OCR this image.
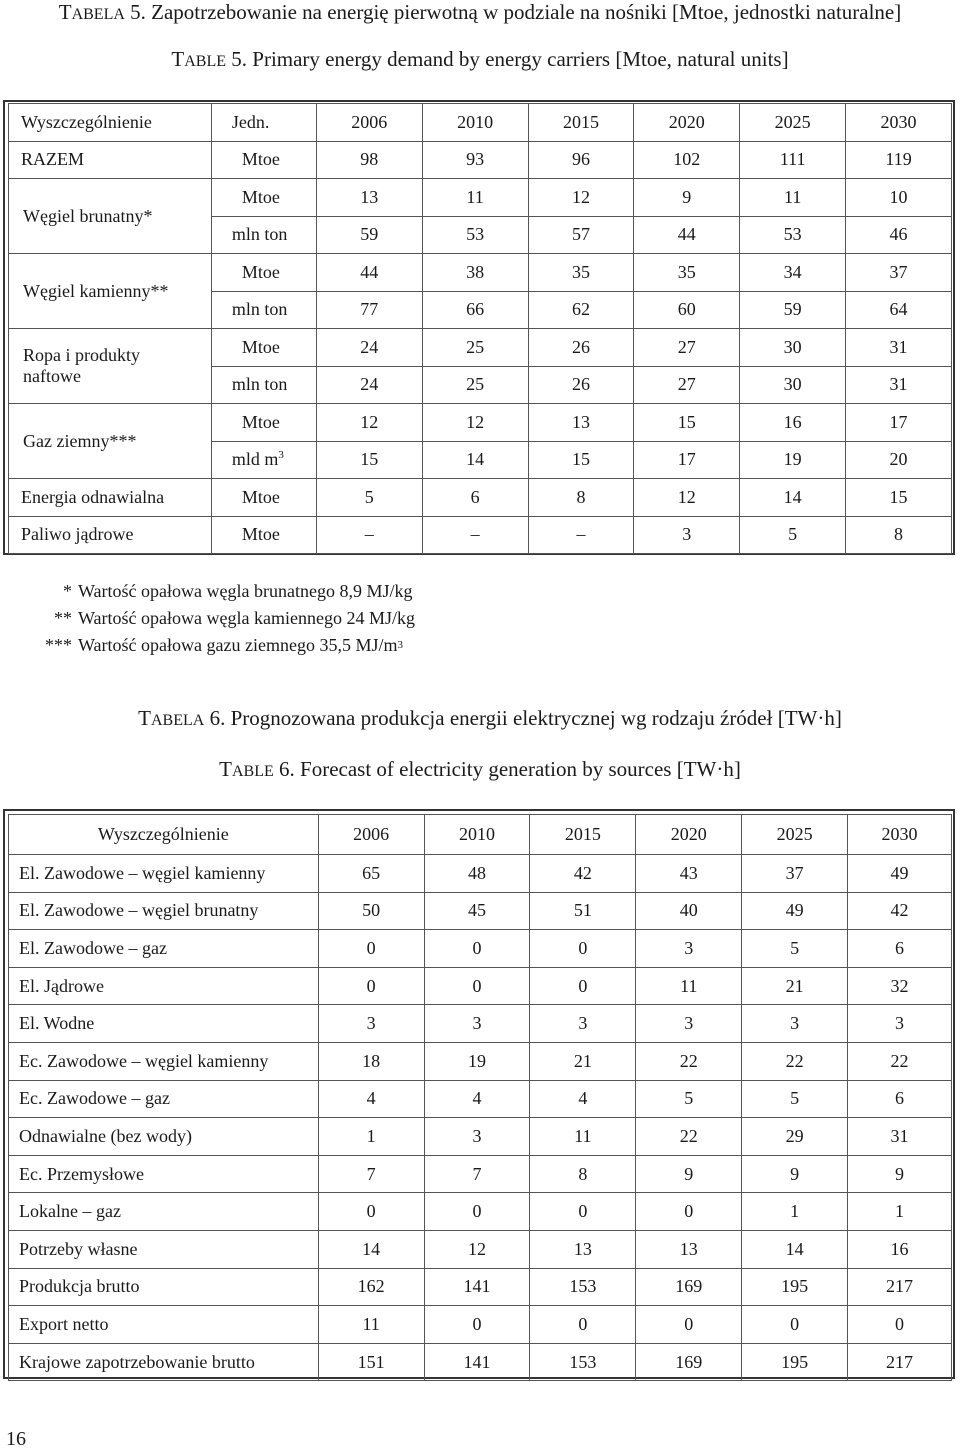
TABELA 5. Zapotrzebowanie na energię pierwotną w podziale na nośniki [Mtoe, jednostki naturalne]
TABLE 5. Primary energy demand by energy carriers [Mtoe, natural units]
Wyszczególnienie	Jedn.	2006	2010	2015	2020	2025	2030
RAZEM	Mtoe	98	93	96	102	111	119

Węgiel brunatny*	Mtoe	13	11	12	9	11	10
	mln ton	59	53	57	44	53	46

Węgiel kamienny**	Mtoe	44	38	35	35	34	37
	mln ton	77	66	62	60	59	64

Ropa i produkty
naftowe	Mtoe	24	25	26	27	30	31
	mln ton	24	25	26	27	30	31

Gaz ziemny***	Mtoe	12	12	13	15	16	17
	mld $m^3$	15	14	15	17	19	20
Energia odnawialna	Mtoe	5	6	8	12	14	15
Paliwo jądrowe	Mtoe	–	–	–	3	5	8
* Wartość opałowa węgla brunatnego 8,9 MJ/kg
** Wartość opałowa węgla kamiennego 24 MJ/kg
*** Wartość opałowa gazu ziemnego 35,5 MJ/m 3
TABELA 6. Prognozowana produkcja energii elektrycznej wg rodzaju źródeł [TW·h]
TABLE 6. Forecast of electricity generation by sources [TW·h]
Wyszczególnienie	2006	2010	2015	2020	2025	2030
El. Zawodowe – węgiel kamienny	65	48	42	43	37	49
El. Zawodowe – węgiel brunatny	50	45	51	40	49	42
El. Zawodowe – gaz	0	0	0	3	5	6
El. Jądrowe	0	0	0	11	21	32
El. Wodne	3	3	3	3	3	3
Ec. Zawodowe – węgiel kamienny	18	19	21	22	22	22
Ec. Zawodowe – gaz	4	4	4	5	5	6
Odnawialne (bez wody)	1	3	11	22	29	31
Ec. Przemysłowe	7	7	8	9	9	9
Lokalne – gaz	0	0	0	0	1	1
Potrzeby własne	14	12	13	13	14	16
Produkcja brutto	162	141	153	169	195	217
Export netto	11	0	0	0	0	0
Krajowe zapotrzebowanie brutto	151	141	153	169	195	217
16
